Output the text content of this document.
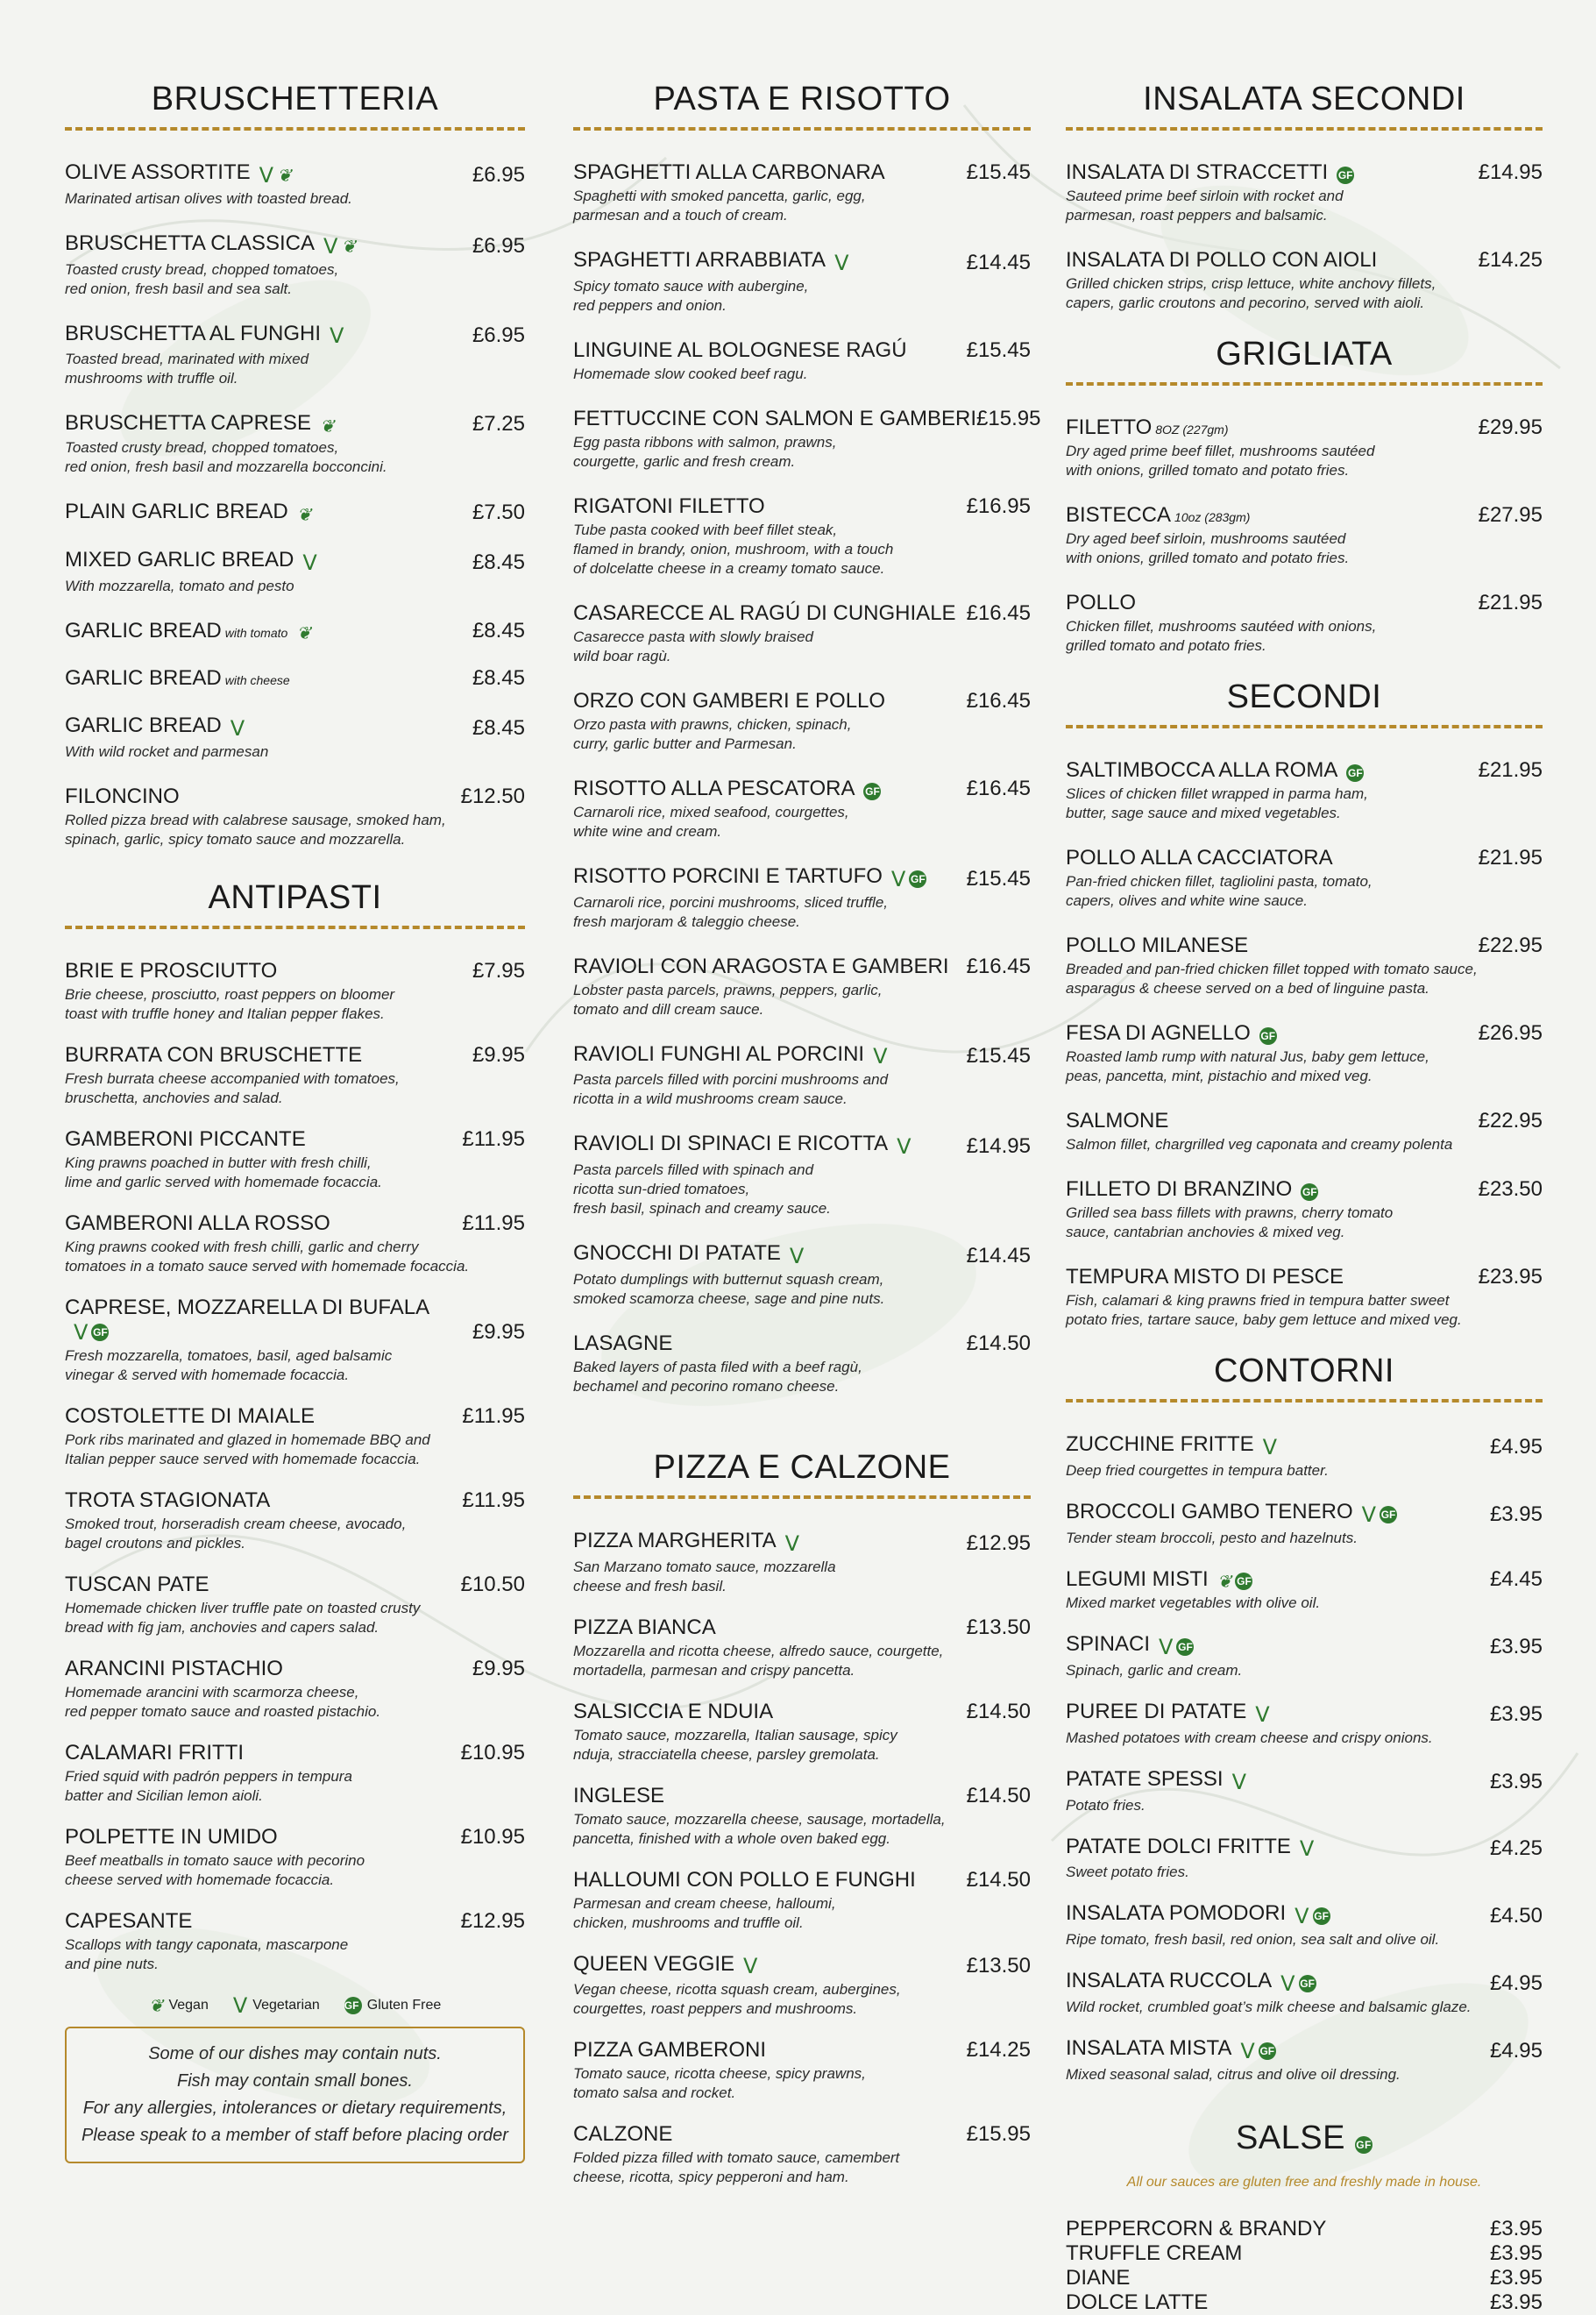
BRUSCHETTERIA
OLIVE ASSORTITE V ❦	£6.95
Marinated artisan olives with toasted bread.
BRUSCHETTA CLASSICA V ❦	£6.95
Toasted crusty bread, chopped tomatoes,
red onion, fresh basil and sea salt.
BRUSCHETTA AL FUNGHI V	£6.95
Toasted bread, marinated with mixed
mushrooms with truffle oil.
BRUSCHETTA CAPRESE ❦	£7.25
Toasted crusty bread, chopped tomatoes,
red onion, fresh basil and mozzarella bocconcini.
PLAIN GARLIC BREAD ❦	£7.50
MIXED GARLIC BREAD V	£8.45
With mozzarella, tomato and pesto
GARLIC BREAD with tomato ❦	£8.45
GARLIC BREAD with cheese	£8.45
GARLIC BREAD V	£8.45
With wild rocket and parmesan
FILONCINO	£12.50
Rolled pizza bread with calabrese sausage, smoked ham,
spinach, garlic, spicy tomato sauce and mozzarella.
ANTIPASTI
BRIE E PROSCIUTTO	£7.95
Brie cheese, prosciutto, roast peppers on bloomer
toast with truffle honey and Italian pepper flakes.
BURRATA CON BRUSCHETTE	£9.95
Fresh burrata cheese accompanied with tomatoes,
bruschetta, anchovies and salad.
GAMBERONI PICCANTE	£11.95
King prawns poached in butter with fresh chilli,
lime and garlic served with homemade focaccia.
GAMBERONI ALLA ROSSO	£11.95
King prawns cooked with fresh chilli, garlic and cherry
tomatoes in a tomato sauce served with homemade focaccia.
CAPRESE, MOZZARELLA DI BUFALA
V GF	£9.95
Fresh mozzarella, tomatoes, basil, aged balsamic
vinegar & served with homemade focaccia.
COSTOLETTE DI MAIALE	£11.95
Pork ribs marinated and glazed in homemade BBQ and
Italian pepper sauce served with homemade focaccia.
TROTA STAGIONATA	£11.95
Smoked trout, horseradish cream cheese, avocado,
bagel croutons and pickles.
TUSCAN PATE	£10.50
Homemade chicken liver truffle pate on toasted crusty
bread with fig jam, anchovies and capers salad.
ARANCINI PISTACHIO	£9.95
Homemade arancini with scarmorza cheese,
red pepper tomato sauce and roasted pistachio.
CALAMARI FRITTI	£10.95
Fried squid with padrón peppers in tempura
batter and Sicilian lemon aioli.
POLPETTE IN UMIDO	£10.95
Beef meatballs in tomato sauce with pecorino
cheese served with homemade focaccia.
CAPESANTE	£12.95
Scallops with tangy caponata, mascarpone
and pine nuts.
❦ Vegan V Vegetarian GF Gluten Free
Some of our dishes may contain nuts.
Fish may contain small bones.
For any allergies, intolerances or dietary requirements,
Please speak to a member of staff before placing order
PASTA E RISOTTO
SPAGHETTI ALLA CARBONARA	£15.45
Spaghetti with smoked pancetta, garlic, egg,
parmesan and a touch of cream.
SPAGHETTI ARRABBIATA V	£14.45
Spicy tomato sauce with aubergine,
red peppers and onion.
LINGUINE AL BOLOGNESE RAGÚ	£15.45
Homemade slow cooked beef ragu.
FETTUCCINE CON SALMON E GAMBERI £15.95
Egg pasta ribbons with salmon, prawns,
courgette, garlic and fresh cream.
RIGATONI FILETTO	£16.95
Tube pasta cooked with beef fillet steak,
flamed in brandy, onion, mushroom, with a touch
of dolcelatte cheese in a creamy tomato sauce.
CASARECCE AL RAGÚ DI CUNGHIALE £16.45
Casarecce pasta with slowly braised
wild boar ragù.
ORZO CON GAMBERI E POLLO	£16.45
Orzo pasta with prawns, chicken, spinach,
curry, garlic butter and Parmesan.
RISOTTO ALLA PESCATORA GF	£16.45
Carnaroli rice, mixed seafood, courgettes,
white wine and cream.
RISOTTO PORCINI E TARTUFO V GF £15.45
Carnaroli rice, porcini mushrooms, sliced truffle,
fresh marjoram & taleggio cheese.
RAVIOLI CON ARAGOSTA E GAMBERI £16.45
Lobster pasta parcels, prawns, peppers, garlic,
tomato and dill cream sauce.
RAVIOLI FUNGHI AL PORCINI V	£15.45
Pasta parcels filled with porcini mushrooms and
ricotta in a wild mushrooms cream sauce.
RAVIOLI DI SPINACI E RICOTTA V	£14.95
Pasta parcels filled with spinach and
ricotta sun-dried tomatoes,
fresh basil, spinach and creamy sauce.
GNOCCHI DI PATATE V	£14.45
Potato dumplings with butternut squash cream,
smoked scamorza cheese, sage and pine nuts.
LASAGNE	£14.50
Baked layers of pasta filed with a beef ragù,
bechamel and pecorino romano cheese.
PIZZA E CALZONE
PIZZA MARGHERITA V	£12.95
San Marzano tomato sauce, mozzarella
cheese and fresh basil.
PIZZA BIANCA	£13.50
Mozzarella and ricotta cheese, alfredo sauce, courgette,
mortadella, parmesan and crispy pancetta.
SALSICCIA E NDUIA	£14.50
Tomato sauce, mozzarella, Italian sausage, spicy
nduja, stracciatella cheese, parsley gremolata.
INGLESE	£14.50
Tomato sauce, mozzarella cheese, sausage, mortadella,
pancetta, finished with a whole oven baked egg.
HALLOUMI CON POLLO E FUNGHI £14.50
Parmesan and cream cheese, halloumi,
chicken, mushrooms and truffle oil.
QUEEN VEGGIE V	£13.50
Vegan cheese, ricotta squash cream, aubergines,
courgettes, roast peppers and mushrooms.
PIZZA GAMBERONI	£14.25
Tomato sauce, ricotta cheese, spicy prawns,
tomato salsa and rocket.
CALZONE	£15.95
Folded pizza filled with tomato sauce, camembert
cheese, ricotta, spicy pepperoni and ham.
INSALATA SECONDI
INSALATA DI STRACCETTI GF	£14.95
Sauteed prime beef sirloin with rocket and
parmesan, roast peppers and balsamic.
INSALATA DI POLLO CON AIOLI	£14.25
Grilled chicken strips, crisp lettuce, white anchovy fillets,
capers, garlic croutons and pecorino, served with aioli.
GRIGLIATA
FILETTO 8OZ (227gm)	£29.95
Dry aged prime beef fillet, mushrooms sautéed
with onions, grilled tomato and potato fries.
BISTECCA 10oz (283gm)	£27.95
Dry aged beef sirloin, mushrooms sautéed
with onions, grilled tomato and potato fries.
POLLO	£21.95
Chicken fillet, mushrooms sautéed with onions,
grilled tomato and potato fries.
SECONDI
SALTIMBOCCA ALLA ROMA GF	£21.95
Slices of chicken fillet wrapped in parma ham,
butter, sage sauce and mixed vegetables.
POLLO ALLA CACCIATORA	£21.95
Pan-fried chicken fillet, tagliolini pasta, tomato,
capers, olives and white wine sauce.
POLLO MILANESE	£22.95
Breaded and pan-fried chicken fillet topped with tomato sauce,
asparagus & cheese served on a bed of linguine pasta.
FESA DI AGNELLO GF	£26.95
Roasted lamb rump with natural Jus, baby gem lettuce,
peas, pancetta, mint, pistachio and mixed veg.
SALMONE	£22.95
Salmon fillet, chargrilled veg caponata and creamy polenta
FILLETO DI BRANZINO GF	£23.50
Grilled sea bass fillets with prawns, cherry tomato
sauce, cantabrian anchovies & mixed veg.
TEMPURA MISTO DI PESCE	£23.95
Fish, calamari & king prawns fried in tempura batter sweet
potato fries, tartare sauce, baby gem lettuce and mixed veg.
CONTORNI
ZUCCHINE FRITTE V	£4.95
Deep fried courgettes in tempura batter.
BROCCOLI GAMBO TENERO V GF	£3.95
Tender steam broccoli, pesto and hazelnuts.
LEGUMI MISTI ❦ GF	£4.45
Mixed market vegetables with olive oil.
SPINACI V GF	£3.95
Spinach, garlic and cream.
PUREE DI PATATE V	£3.95
Mashed potatoes with cream cheese and crispy onions.
PATATE SPESSI V	£3.95
Potato fries.
PATATE DOLCI FRITTE V	£4.25
Sweet potato fries.
INSALATA POMODORI V GF	£4.50
Ripe tomato, fresh basil, red onion, sea salt and olive oil.
INSALATA RUCCOLA V GF	£4.95
Wild rocket, crumbled goat’s milk cheese and balsamic glaze.
INSALATA MISTA V GF	£4.95
Mixed seasonal salad, citrus and olive oil dressing.
SALSE GF
All our sauces are gluten free and freshly made in house.
PEPPERCORN & BRANDY	£3.95
TRUFFLE CREAM	£3.95
DIANE	£3.95
DOLCE LATTE	£3.95
